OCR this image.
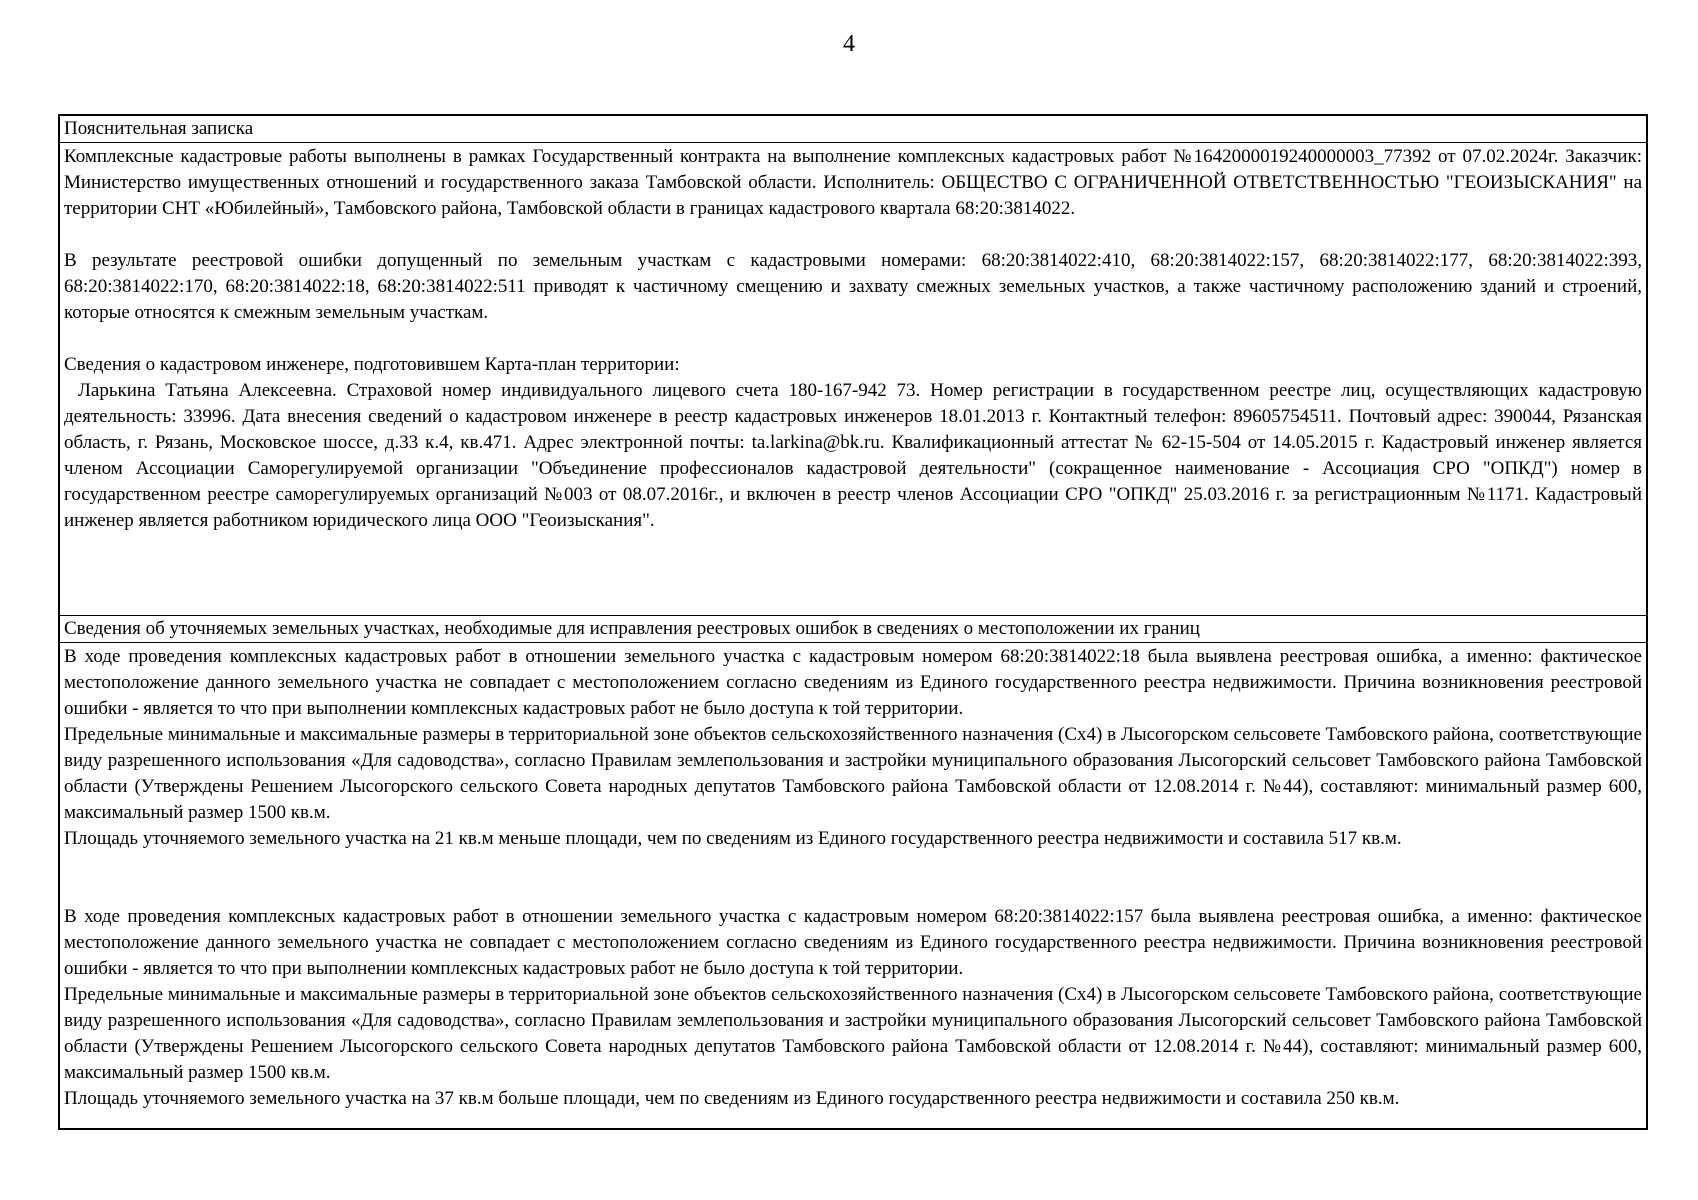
4
Пояснительная записка

Комплексные кадастровые работы выполнены в рамках Государственный контракта на выполнение комплексных кадастровых работ №1642000019240000003_77392 от 07.02.2024г. Заказчик: Министерство имущественных отношений и государственного заказа Тамбовской области. Исполнитель: ОБЩЕСТВО С ОГРАНИЧЕННОЙ ОТВЕТСТВЕННОСТЬЮ "ГЕОИЗЫСКАНИЯ" на территории СНТ «Юбилейный», Тамбовского района, Тамбовской области в границах кадастрового квартала 68:20:3814022.

В результате реестровой ошибки допущенный по земельным участкам с кадастровыми номерами: 68:20:3814022:410, 68:20:3814022:157, 68:20:3814022:177, 68:20:3814022:393, 68:20:3814022:170, 68:20:3814022:18, 68:20:3814022:511 приводят к частичному смещению и захвату смежных земельных участков, а также частичному расположению зданий и строений, которые относятся к смежным земельным участкам.

Сведения о кадастровом инженере, подготовившем Карта-план территории:

Ларькина Татьяна Алексеевна. Страховой номер индивидуального лицевого счета 180-167-942 73. Номер регистрации в государственном реестре лиц, осуществляющих кадастровую деятельность: 33996. Дата внесения сведений о кадастровом инженере в реестр кадастровых инженеров 18.01.2013 г. Контактный телефон: 89605754511. Почтовый адрес: 390044, Рязанская область, г. Рязань, Московское шоссе, д.33 к.4, кв.471. Адрес электронной почты: ta.larkina@bk.ru. Квалификационный аттестат № 62-15-504 от 14.05.2015 г. Кадастровый инженер является членом Ассоциации Саморегулируемой организации "Объединение профессионалов кадастровой деятельности" (сокращенное наименование - Ассоциация СРО "ОПКД") номер в государственном реестре саморегулируемых организаций №003 от 08.07.2016г., и включен в реестр членов Ассоциации СРО "ОПКД" 25.03.2016 г. за регистрационным №1171. Кадастровый инженер является работником юридического лица ООО "Геоизыскания".

Сведения об уточняемых земельных участках, необходимые для исправления реестровых ошибок в сведениях о местоположении их границ

В ходе проведения комплексных кадастровых работ в отношении земельного участка с кадастровым номером 68:20:3814022:18 была выявлена реестровая ошибка, а именно: фактическое местоположение данного земельного участка не совпадает с местоположением согласно сведениям из Единого государственного реестра недвижимости. Причина возникновения реестровой ошибки - является то что при выполнении комплексных кадастровых работ не было доступа к той территории.

Предельные минимальные и максимальные размеры в территориальной зоне объектов сельскохозяйственного назначения (Сх4) в Лысогорском сельсовете Тамбовского района, соответствующие виду разрешенного использования «Для садоводства», согласно Правилам землепользования и застройки муниципального образования Лысогорский сельсовет Тамбовского района Тамбовской области (Утверждены Решением Лысогорского сельского Совета народных депутатов Тамбовского района Тамбовской области от 12.08.2014 г. №44), составляют: минимальный размер 600, максимальный размер 1500 кв.м.

Площадь уточняемого земельного участка на 21 кв.м меньше площади, чем по сведениям из Единого государственного реестра недвижимости и составила 517 кв.м.

В ходе проведения комплексных кадастровых работ в отношении земельного участка с кадастровым номером 68:20:3814022:157 была выявлена реестровая ошибка, а именно: фактическое местоположение данного земельного участка не совпадает с местоположением согласно сведениям из Единого государственного реестра недвижимости. Причина возникновения реестровой ошибки - является то что при выполнении комплексных кадастровых работ не было доступа к той территории.

Предельные минимальные и максимальные размеры в территориальной зоне объектов сельскохозяйственного назначения (Сх4) в Лысогорском сельсовете Тамбовского района, соответствующие виду разрешенного использования «Для садоводства», согласно Правилам землепользования и застройки муниципального образования Лысогорский сельсовет Тамбовского района Тамбовской области (Утверждены Решением Лысогорского сельского Совета народных депутатов Тамбовского района Тамбовской области от 12.08.2014 г. №44), составляют: минимальный размер 600, максимальный размер 1500 кв.м.

Площадь уточняемого земельного участка на 37 кв.м больше площади, чем по сведениям из Единого государственного реестра недвижимости и составила 250 кв.м.
